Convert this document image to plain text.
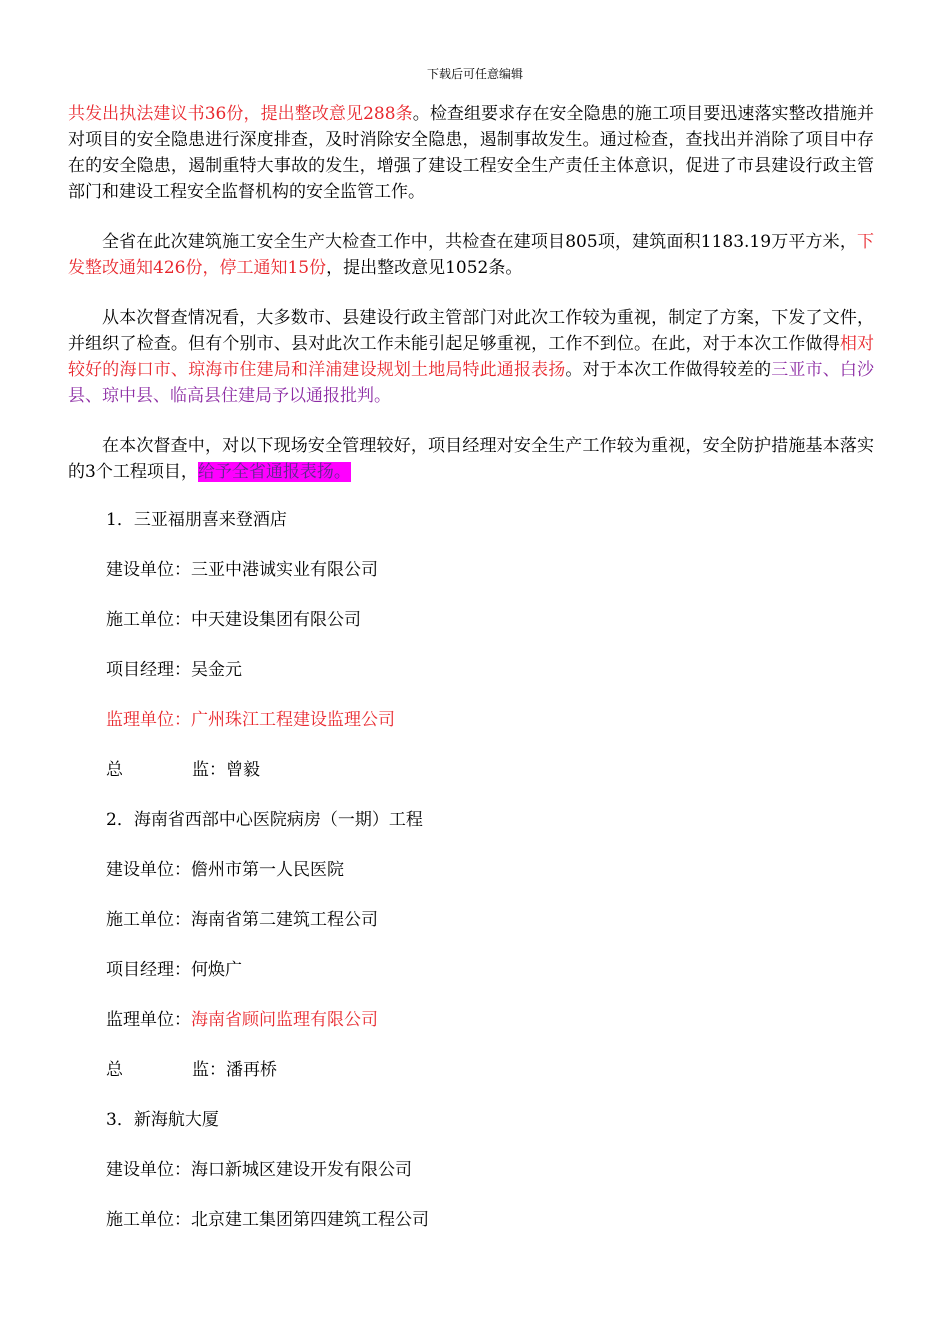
下载后可任意编辑

共发出执法建议书36份，提出整改意见288条。检查组要求存在安全隐患的施工项目要迅速落实整改措施并对项目的安全隐患进行深度排查，及时消除安全隐患，遏制事故发生。通过检查，查找出并消除了项目中存在的安全隐患，遏制重特大事故的发生，增强了建设工程安全生产责任主体意识，促进了市县建设行政主管部门和建设工程安全监督机构的安全监管工作。

全省在此次建筑施工安全生产大检查工作中，共检查在建项目805项，建筑面积1183.19万平方米，下发整改通知426份，停工通知15份，提出整改意见1052条。

从本次督查情况看，大多数市、县建设行政主管部门对此次工作较为重视，制定了方案，下发了文件，并组织了检查。但有个别市、县对此次工作未能引起足够重视，工作不到位。在此，对于本次工作做得相对较好的海口市、琼海市住建局和洋浦建设规划土地局特此通报表扬。对于本次工作做得较差的三亚市、白沙县、琼中县、临高县住建局予以通报批判。

在本次督查中，对以下现场安全管理较好，项目经理对安全生产工作较为重视，安全防护措施基本落实的3个工程项目，给予全省通报表扬。

1．三亚福朋喜来登酒店
建设单位：三亚中港诚实业有限公司
施工单位：中天建设集团有限公司
项目经理：吴金元
监理单位：广州珠江工程建设监理公司
总	监：曾毅
2．海南省西部中心医院病房（一期）工程
建设单位：儋州市第一人民医院
施工单位：海南省第二建筑工程公司
项目经理：何焕广
监理单位：海南省顾问监理有限公司
总	监：潘再桥
3．新海航大厦
建设单位：海口新城区建设开发有限公司
施工单位：北京建工集团第四建筑工程公司
